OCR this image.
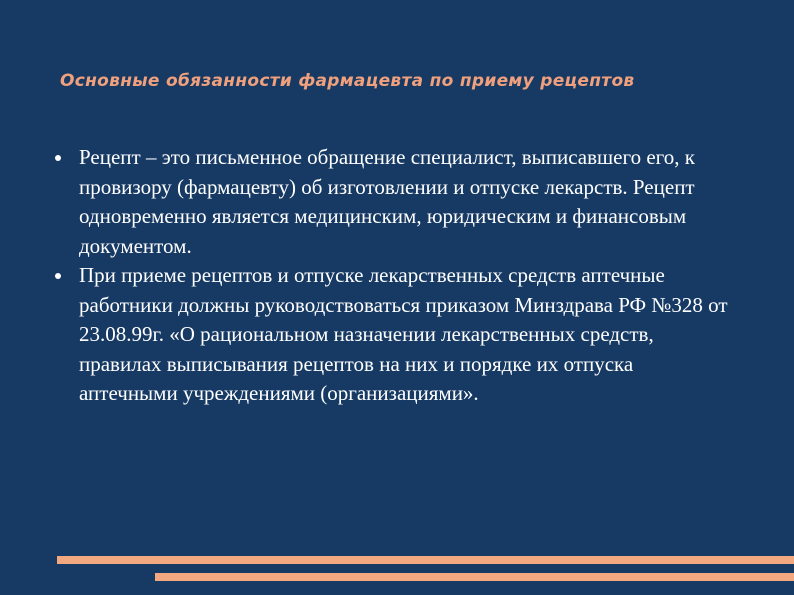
Основные обязанности фармацевта по приему рецептов
Рецепт – это письменное обращение специалист, выписавшего его, к провизору (фармацевту) об изготовлении и отпуске лекарств. Рецепт одновременно является медицинским, юридическим и финансовым документом.
При приеме рецептов и отпуске лекарственных средств аптечные работники должны руководствоваться приказом Минздрава РФ №328 от 23.08.99г. «О рациональном назначении лекарственных средств, правилах выписывания рецептов на них и порядке их отпуска аптечными учреждениями (организациями».
